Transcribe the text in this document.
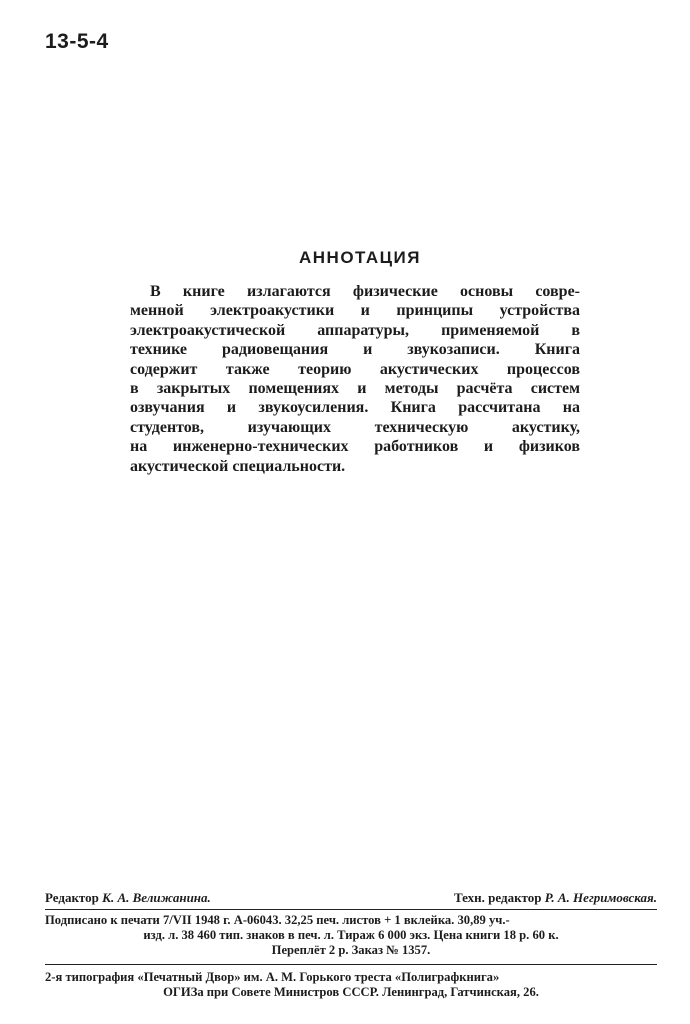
13-5-4
АННОТАЦИЯ
В книге излагаются физические основы совре-
менной электроакустики и принципы устройства
электроакустической аппаратуры, применяемой в
технике радиовещания и звукозаписи. Книга
содержит также теорию акустических процессов
в закрытых помещениях и методы расчёта систем
озвучания и звукоусиления. Книга рассчитана на
студентов, изучающих техническую акустику,
на инженерно-технических работников и физиков
акустической специальности.
Редактор К. А. Велижанина.	Техн. редактор Р. А. Негримовская.
Подписано к печати 7/VII 1948 г. А-06043. 32,25 печ. листов + 1 вклейка. 30,89 уч.-
изд. л. 38 460 тип. знаков в печ. л. Тираж 6 000 экз. Цена книги 18 р. 60 к.
Переплёт 2 р. Заказ № 1357.
2-я типография «Печатный Двор» им. А. М. Горького треста «Полиграфкнига»
ОГИЗа при Совете Министров СССР. Ленинград, Гатчинская, 26.
